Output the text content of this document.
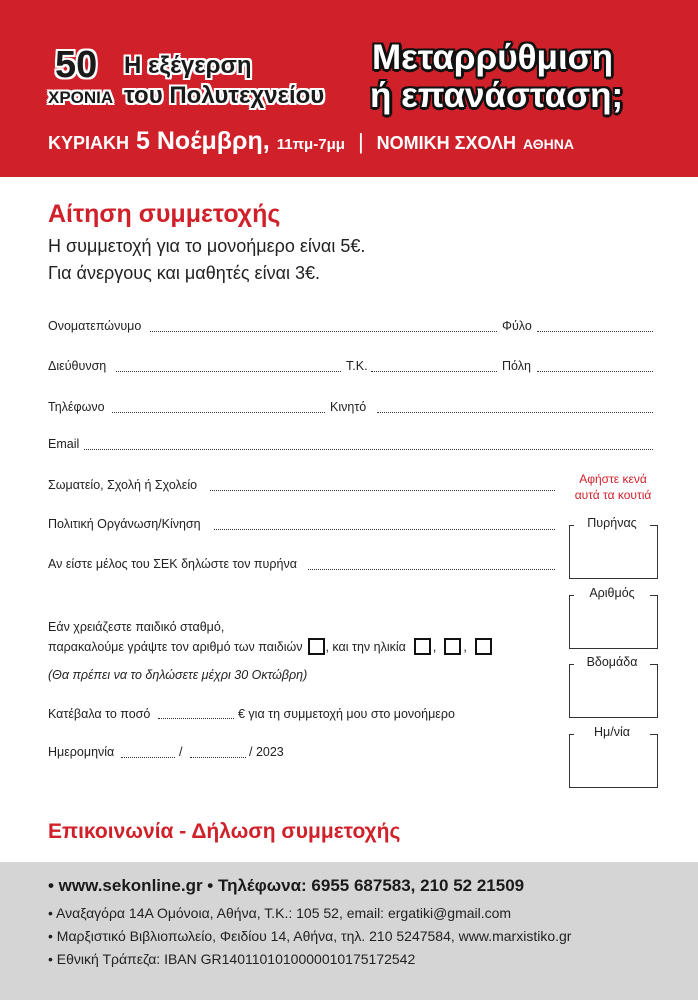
50
ΧΡΟΝΙΑ
Η εξέγερση
του Πολυτεχνείου
Μεταρρύθμιση
ή επανάσταση;
ΚΥΡΙΑΚΗ 5 Νοέμβρη, 11πμ-7μμ | ΝΟΜΙΚΗ ΣΧΟΛΗ ΑΘΗΝΑ
Αίτηση συμμετοχής
Η συμμετοχή για το μονοήμερο είναι 5€.
Για άνεργους και μαθητές είναι 3€.
Ονοματεπώνυμο	Φύλο
Διεύθυνση	Τ.Κ.	Πόλη
Τηλέφωνο	Κινητό
Email
Σωματείο, Σχολή ή Σχολείο
Πολιτική Οργάνωση/Κίνηση
Αν είστε μέλος του ΣΕΚ δηλώστε τον πυρήνα
Εάν χρειάζεστε παιδικό σταθμό,
παρακαλούμε γράψτε τον αριθμό των παιδιών , και την ηλικία , ,
(Θα πρέπει να το δηλώσετε μέχρι 30 Οκτώβρη)
Κατέβαλα το ποσό	€ για τη συμμετοχή μου στο μονοήμερο
Ημερομηνία	/	/ 2023
Αφήστε κενά
αυτά τα κουτιά
Πυρήνας
Αριθμός
Βδομάδα
Ημ/νία
Επικοινωνία - Δήλωση συμμετοχής
• www.sekonline.gr • Τηλέφωνα: 6955 687583, 210 52 21509
• Αναξαγόρα 14Α Ομόνοια, Αθήνα, Τ.Κ.: 105 52, email: ergatiki@gmail.com
• Μαρξιστικό Βιβλιοπωλείο, Φειδίου 14, Αθήνα, τηλ. 210 5247584, www.marxistiko.gr
• Εθνική Τράπεζα: IBAN GR1401101010000010175172542
